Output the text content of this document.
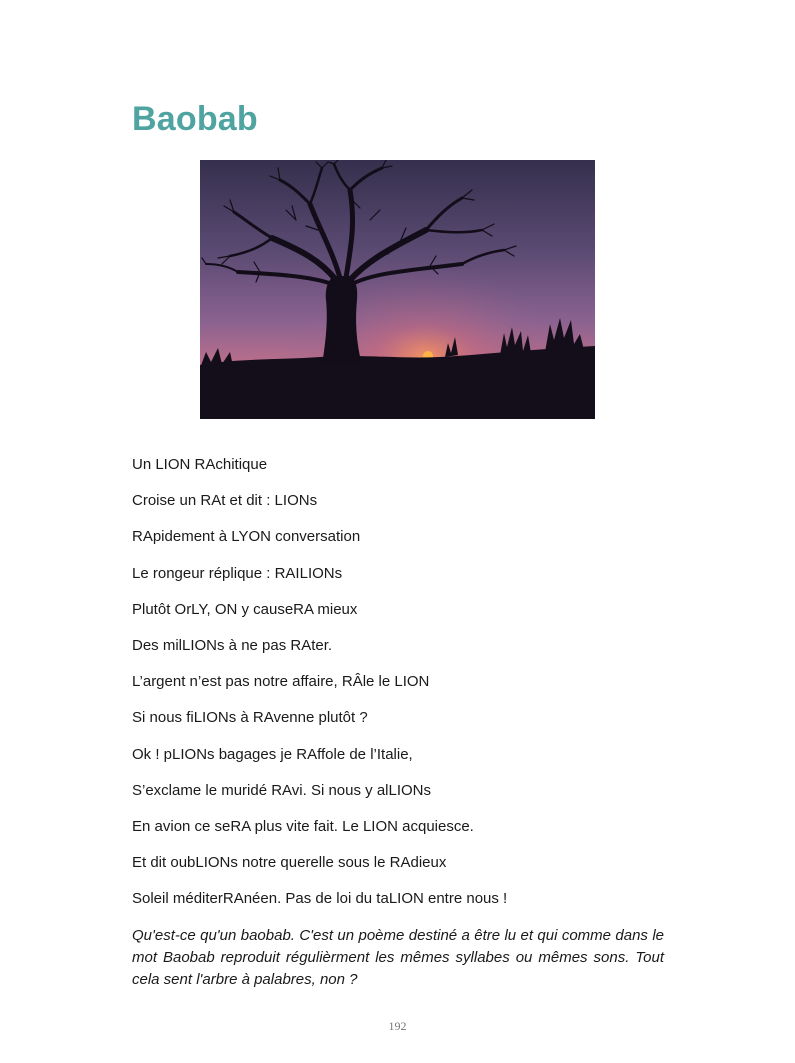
Baobab
Un LION RAchitique
Croise un RAt et dit : LIONs
RApidement à LYON conversation
Le rongeur réplique : RAILIONs
Plutôt OrLY, ON y causeRA mieux
Des milLIONs à ne pas RAter.
L’argent n’est pas notre affaire, RÂle le LION
Si nous fiLIONs à RAvenne plutôt ?
Ok ! pLIONs bagages je RAffole de l’Italie,
S’exclame le muridé RAvi. Si nous y alLIONs
En avion ce seRA plus vite fait. Le LION acquiesce.
Et dit oubLIONs notre querelle sous le RAdieux
Soleil méditerRAnéen. Pas de loi du taLION entre nous !

Qu'est-ce qu'un baobab. C'est un poème destiné a être lu et qui comme dans le mot Baobab reproduit régulièrment les mêmes syllabes ou mêmes sons. Tout cela sent l'arbre à palabres, non ?

192
